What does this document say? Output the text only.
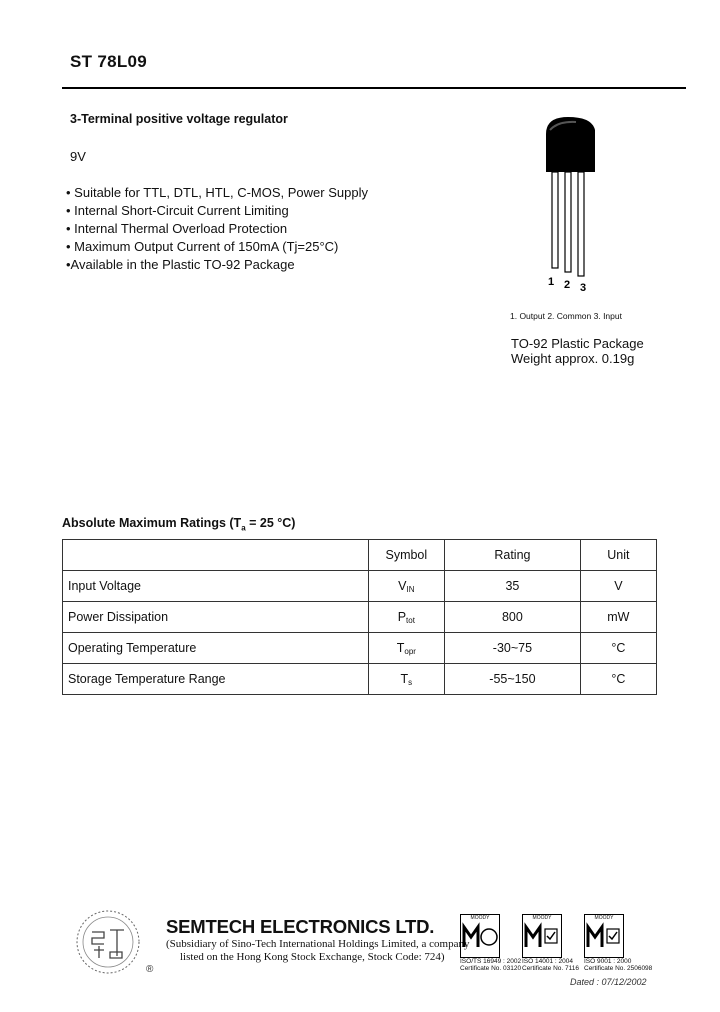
ST 78L09
3-Terminal positive voltage regulator
9V
• Suitable for TTL, DTL, HTL, C-MOS, Power Supply
• Internal Short-Circuit Current Limiting
• Internal Thermal Overload Protection
• Maximum Output Current of 150mA (Tj=25°C)
•Available in the Plastic TO-92 Package
1 2 3
1. Output 2. Common 3. Input
TO-92 Plastic Package
Weight approx. 0.19g
Absolute Maximum Ratings ($T_a = 25$ °C)
	Symbol	Rating	Unit
Input Voltage	$V_{IN}$	35	V
Power Dissipation	$P_{tot}$	800	mW
Operating Temperature	$T_{opr}$	-30~75	°C
Storage Temperature Range	$T_s$	-55~150	°C
®
SEMTECH ELECTRONICS LTD.
(Subsidiary of Sino-Tech International Holdings Limited, a company
listed on the Hong Kong Stock Exchange, Stock Code: 724)
MOODY	MOODY	MOODY
ISO/TS 16949 : 2002
Certificate No. 03120
ISO 14001 : 2004
Certificate No. 7116
ISO 9001 : 2000
Certificate No. 2506098
Dated : 07/12/2002
